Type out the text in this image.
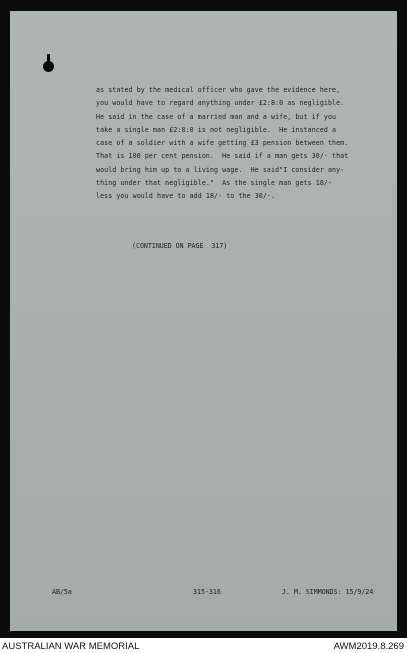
as stated by the medical officer who gave the evidence here,
you would have to regard anything under £2:8:0 as negligible.
He said in the case of a married man and a wife, but if you
take a single man £2:8:0 is not negligible.  He instanced a
case of a soldier with a wife getting £3 pension between them.
That is 100 per cent pension.  He said if a man gets 30/- that
would bring him up to a living wage.  He said"I consider any-
thing under that negligible."  As the single man gets 18/-
less you would have to add 18/- to the 30/-.
(CONTINUED ON PAGE  317)
AB/5a	315-316	J. M. SIMMONDS: 15/9/24
AUSTRALIAN WAR MEMORIAL	AWM2019.8.269
